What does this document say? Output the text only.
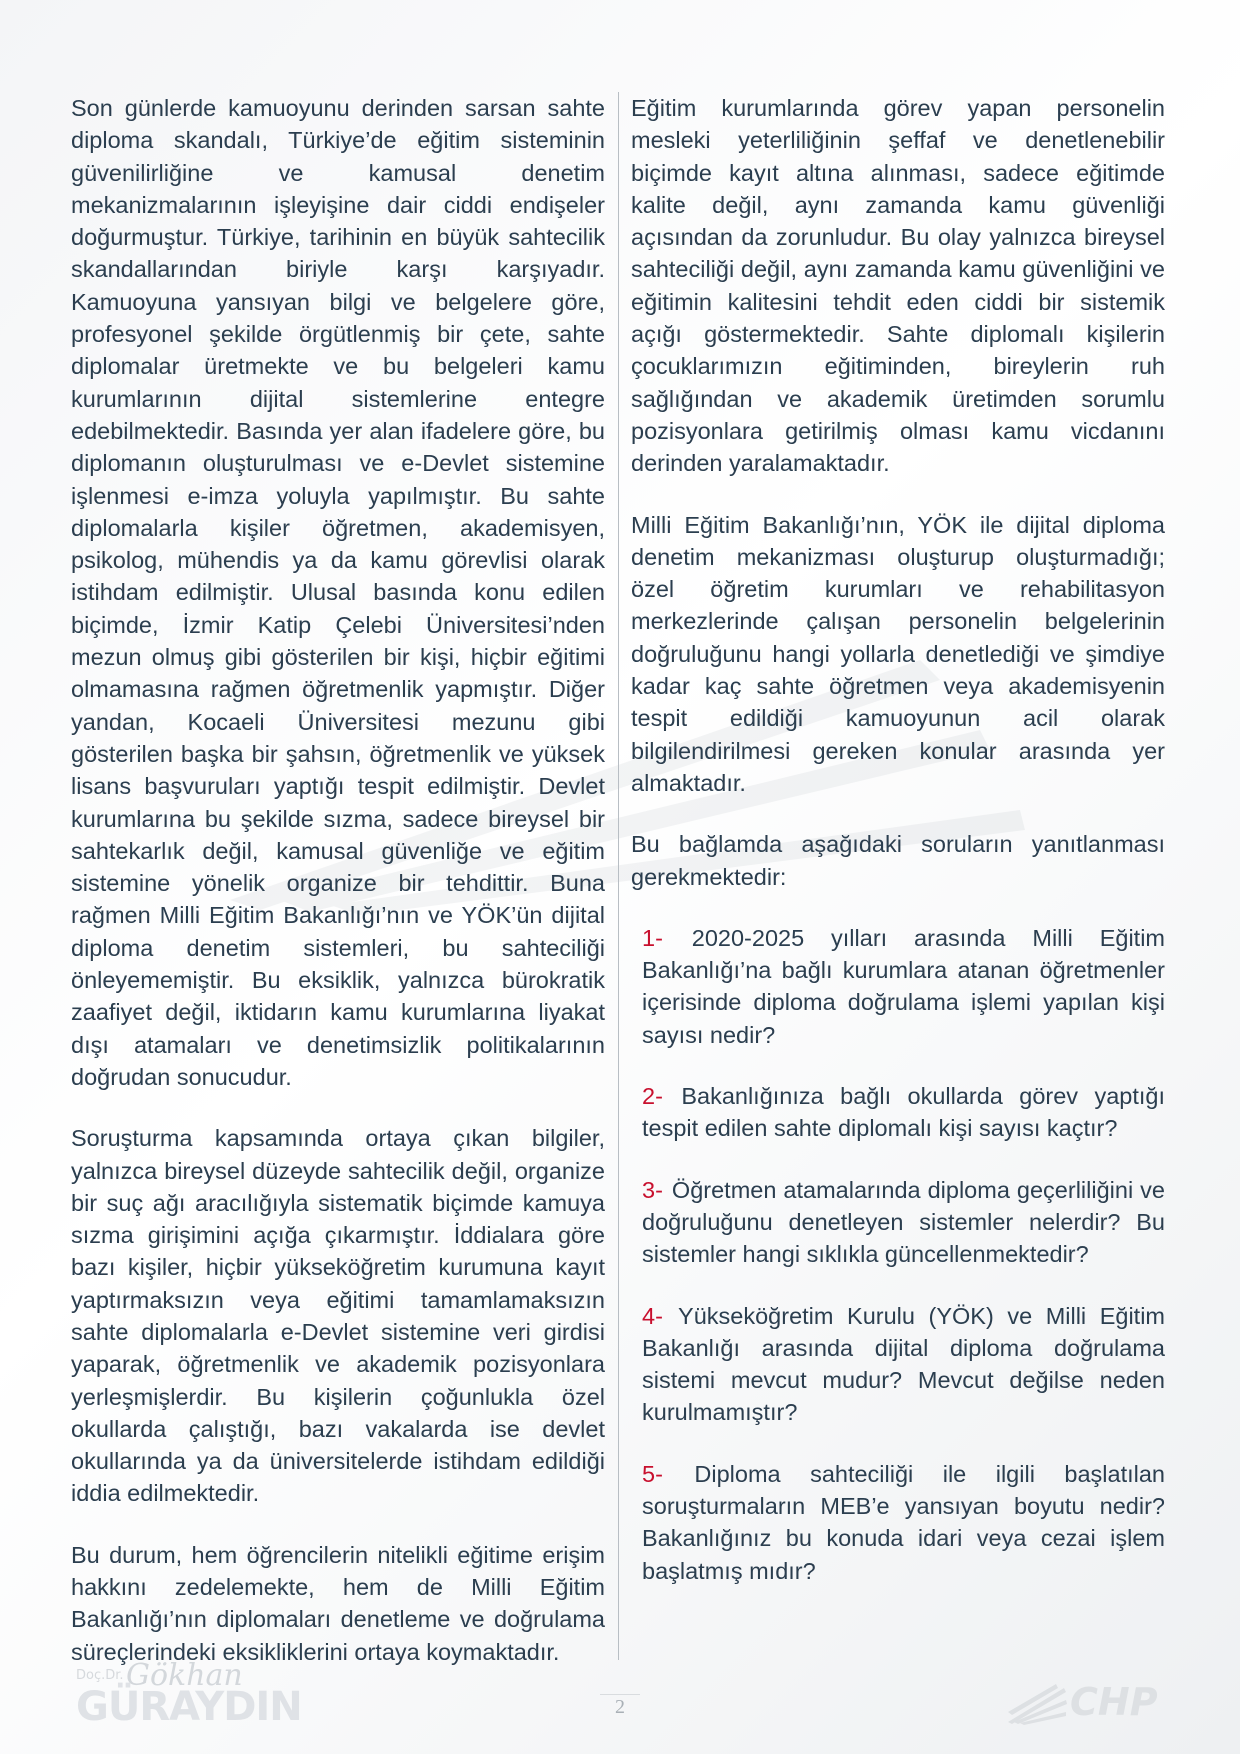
Son günlerde kamuoyunu derinden sarsan sahte diploma skandalı, Türkiye’de eğitim sisteminin güvenilirliğine ve kamusal denetim mekanizmalarının işleyişine dair ciddi endişeler doğurmuştur. Türkiye, tarihinin en büyük sahtecilik skandallarından biriyle karşı karşıyadır. Kamuoyuna yansıyan bilgi ve belgelere göre, profesyonel şekilde örgütlenmiş bir çete, sahte diplomalar üretmekte ve bu belgeleri kamu kurumlarının dijital sistemlerine entegre edebilmektedir. Basında yer alan ifadelere göre, bu diplomanın oluşturulması ve e-Devlet sistemine işlenmesi e-imza yoluyla yapılmıştır. Bu sahte diplomalarla kişiler öğretmen, akademisyen, psikolog, mühendis ya da kamu görevlisi olarak istihdam edilmiştir. Ulusal basında konu edilen biçimde, İzmir Katip Çelebi Üniversitesi’nden mezun olmuş gibi gösterilen bir kişi, hiçbir eğitimi olmamasına rağmen öğretmenlik yapmıştır. Diğer yandan, Kocaeli Üniversitesi mezunu gibi gösterilen başka bir şahsın, öğretmenlik ve yüksek lisans başvuruları yaptığı tespit edilmiştir. Devlet kurumlarına bu şekilde sızma, sadece bireysel bir sahtekarlık değil, kamusal güvenliğe ve eğitim sistemine yönelik organize bir tehdittir. Buna rağmen Milli Eğitim Bakanlığı’nın ve YÖK’ün dijital diploma denetim sistemleri, bu sahteciliği önleyememiştir. Bu eksiklik, yalnızca bürokratik zaafiyet değil, iktidarın kamu kurumlarına liyakat dışı atamaları ve denetimsizlik politikalarının doğrudan sonucudur.

Soruşturma kapsamında ortaya çıkan bilgiler, yalnızca bireysel düzeyde sahtecilik değil, organize bir suç ağı aracılığıyla sistematik biçimde kamuya sızma girişimini açığa çıkarmıştır. İddialara göre bazı kişiler, hiçbir yükseköğretim kurumuna kayıt yaptırmaksızın veya eğitimi tamamlamaksızın sahte diplomalarla e-Devlet sistemine veri girdisi yaparak, öğretmenlik ve akademik pozisyonlara yerleşmişlerdir. Bu kişilerin çoğunlukla özel okullarda çalıştığı, bazı vakalarda ise devlet okullarında ya da üniversitelerde istihdam edildiği iddia edilmektedir.

Bu durum, hem öğrencilerin nitelikli eğitime erişim hakkını zedelemekte, hem de Milli Eğitim Bakanlığı’nın diplomaları denetleme ve doğrulama süreçlerindeki eksikliklerini ortaya koymaktadır.

Eğitim kurumlarında görev yapan personelin mesleki yeterliliğinin şeffaf ve denetlenebilir biçimde kayıt altına alınması, sadece eğitimde kalite değil, aynı zamanda kamu güvenliği açısından da zorunludur. Bu olay yalnızca bireysel sahteciliği değil, aynı zamanda kamu güvenliğini ve eğitimin kalitesini tehdit eden ciddi bir sistemik açığı göstermektedir. Sahte diplomalı kişilerin çocuklarımızın eğitiminden, bireylerin ruh sağlığından ve akademik üretimden sorumlu pozisyonlara getirilmiş olması kamu vicdanını derinden yaralamaktadır.

Milli Eğitim Bakanlığı’nın, YÖK ile dijital diploma denetim mekanizması oluşturup oluşturmadığı; özel öğretim kurumları ve rehabilitasyon merkezlerinde çalışan personelin belgelerinin doğruluğunu hangi yollarla denetlediği ve şimdiye kadar kaç sahte öğretmen veya akademisyenin tespit edildiği kamuoyunun acil olarak bilgilendirilmesi gereken konular arasında yer almaktadır.

Bu bağlamda aşağıdaki soruların yanıtlanması gerekmektedir:

1- 2020-2025 yılları arasında Milli Eğitim Bakanlığı’na bağlı kurumlara atanan öğretmenler içerisinde diploma doğrulama işlemi yapılan kişi sayısı nedir?

2- Bakanlığınıza bağlı okullarda görev yaptığı tespit edilen sahte diplomalı kişi sayısı kaçtır?

3- Öğretmen atamalarında diploma geçerliliğini ve doğruluğunu denetleyen sistemler nelerdir? Bu sistemler hangi sıklıkla güncellenmektedir?

4- Yükseköğretim Kurulu (YÖK) ve Milli Eğitim Bakanlığı arasında dijital diploma doğrulama sistemi mevcut mudur? Mevcut değilse neden kurulmamıştır?

5- Diploma sahteciliği ile ilgili başlatılan soruşturmaların MEB’e yansıyan boyutu nedir? Bakanlığınız bu konuda idari veya cezai işlem başlatmış mıdır?

Doç.Dr. Gökhan
GÜRAYDIN	2	CHP
